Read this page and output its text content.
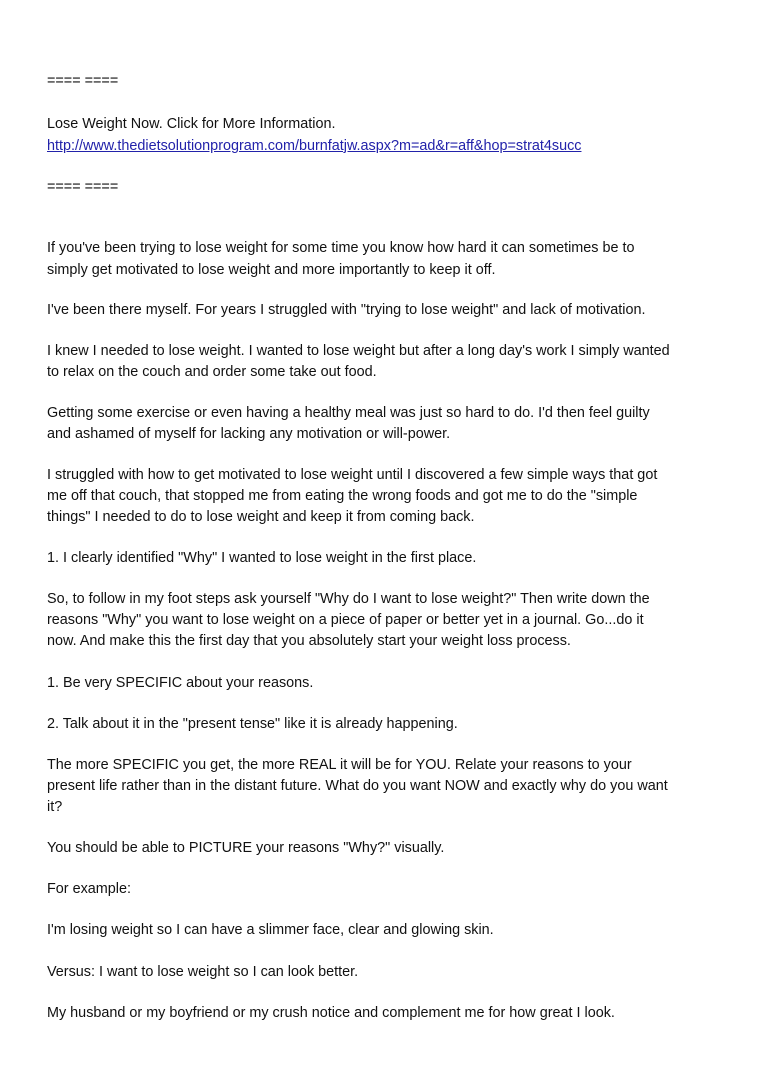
==== ====

Lose Weight Now. Click for More Information.

http://www.thedietsolutionprogram.com/burnfatjw.aspx?m=ad&r=aff&hop=strat4succ

==== ====

If you've been trying to lose weight for some time you know how hard it can sometimes be to

simply get motivated to lose weight and more importantly to keep it off.

I've been there myself. For years I struggled with "trying to lose weight" and lack of motivation.

I knew I needed to lose weight. I wanted to lose weight but after a long day's work I simply wanted

to relax on the couch and order some take out food.

Getting some exercise or even having a healthy meal was just so hard to do. I'd then feel guilty

and ashamed of myself for lacking any motivation or will-power.

I struggled with how to get motivated to lose weight until I discovered a few simple ways that got

me off that couch, that stopped me from eating the wrong foods and got me to do the "simple

things" I needed to do to lose weight and keep it from coming back.

1. I clearly identified "Why" I wanted to lose weight in the first place.

So, to follow in my foot steps ask yourself "Why do I want to lose weight?" Then write down the

reasons "Why" you want to lose weight on a piece of paper or better yet in a journal. Go...do it

now. And make this the first day that you absolutely start your weight loss process.

1. Be very SPECIFIC about your reasons.

2. Talk about it in the "present tense" like it is already happening.

The more SPECIFIC you get, the more REAL it will be for YOU. Relate your reasons to your

present life rather than in the distant future. What do you want NOW and exactly why do you want

it?

You should be able to PICTURE your reasons "Why?" visually.

For example:

I'm losing weight so I can have a slimmer face, clear and glowing skin.

Versus: I want to lose weight so I can look better.

My husband or my boyfriend or my crush notice and complement me for how great I look.
